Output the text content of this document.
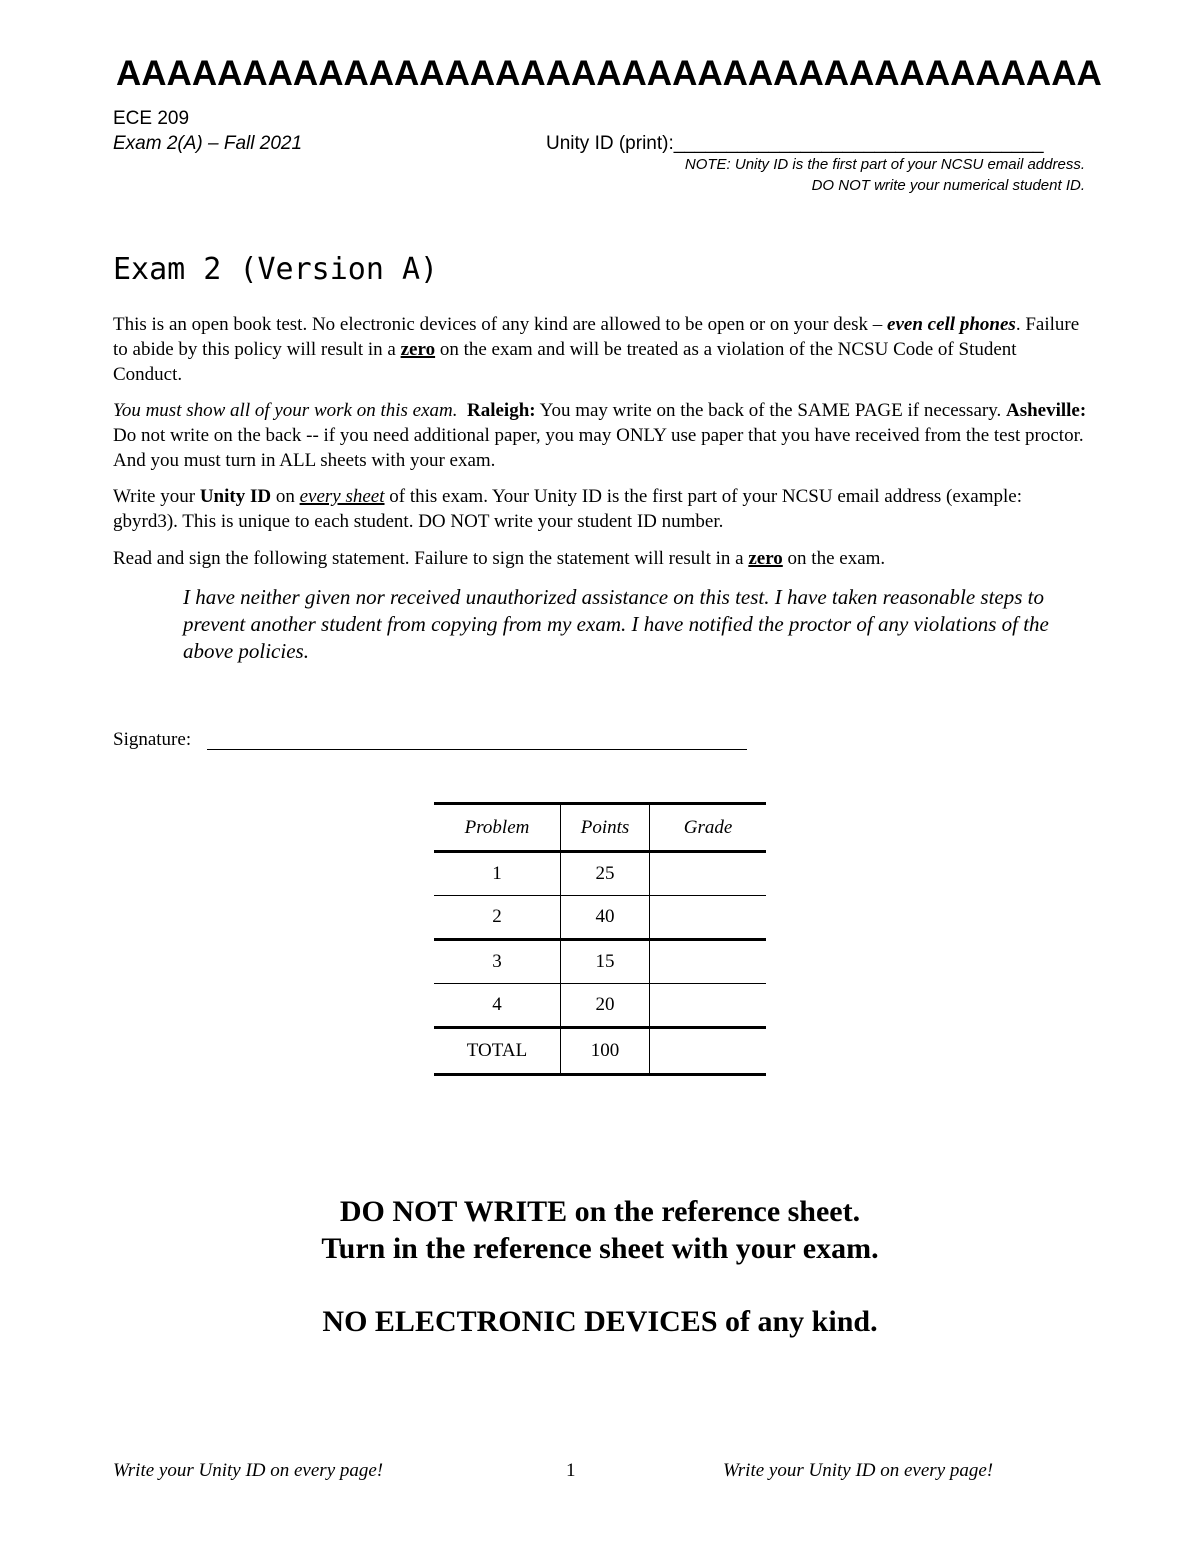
AAAAAAAAAAAAAAAAAAAAAAAAAAAAAAAAAAAAAAA
ECE 209
Exam 2(A) – Fall 2021	Unity ID (print):___________________________________
NOTE: Unity ID is the first part of your NCSU email address.
DO NOT write your numerical student ID.
Exam 2 (Version A)
This is an open book test. No electronic devices of any kind are allowed to be open or on your desk – even cell phones. Failure to abide by this policy will result in a zero on the exam and will be treated as a violation of the NCSU Code of Student Conduct.
You must show all of your work on this exam. Raleigh: You may write on the back of the SAME PAGE if necessary. Asheville: Do not write on the back -- if you need additional paper, you may ONLY use paper that you have received from the test proctor. And you must turn in ALL sheets with your exam.
Write your Unity ID on every sheet of this exam. Your Unity ID is the first part of your NCSU email address (example: gbyrd3). This is unique to each student. DO NOT write your student ID number.
Read and sign the following statement. Failure to sign the statement will result in a zero on the exam.
I have neither given nor received unauthorized assistance on this test. I have taken reasonable steps to prevent another student from copying from my exam. I have notified the proctor of any violations of the above policies.
Signature:
Problem	Points	Grade
1	25	
2	40	
3	15	
4	20	
TOTAL	100	
DO NOT WRITE on the reference sheet.
Turn in the reference sheet with your exam.
NO ELECTRONIC DEVICES of any kind.
Write your Unity ID on every page!	1	Write your Unity ID on every page!
